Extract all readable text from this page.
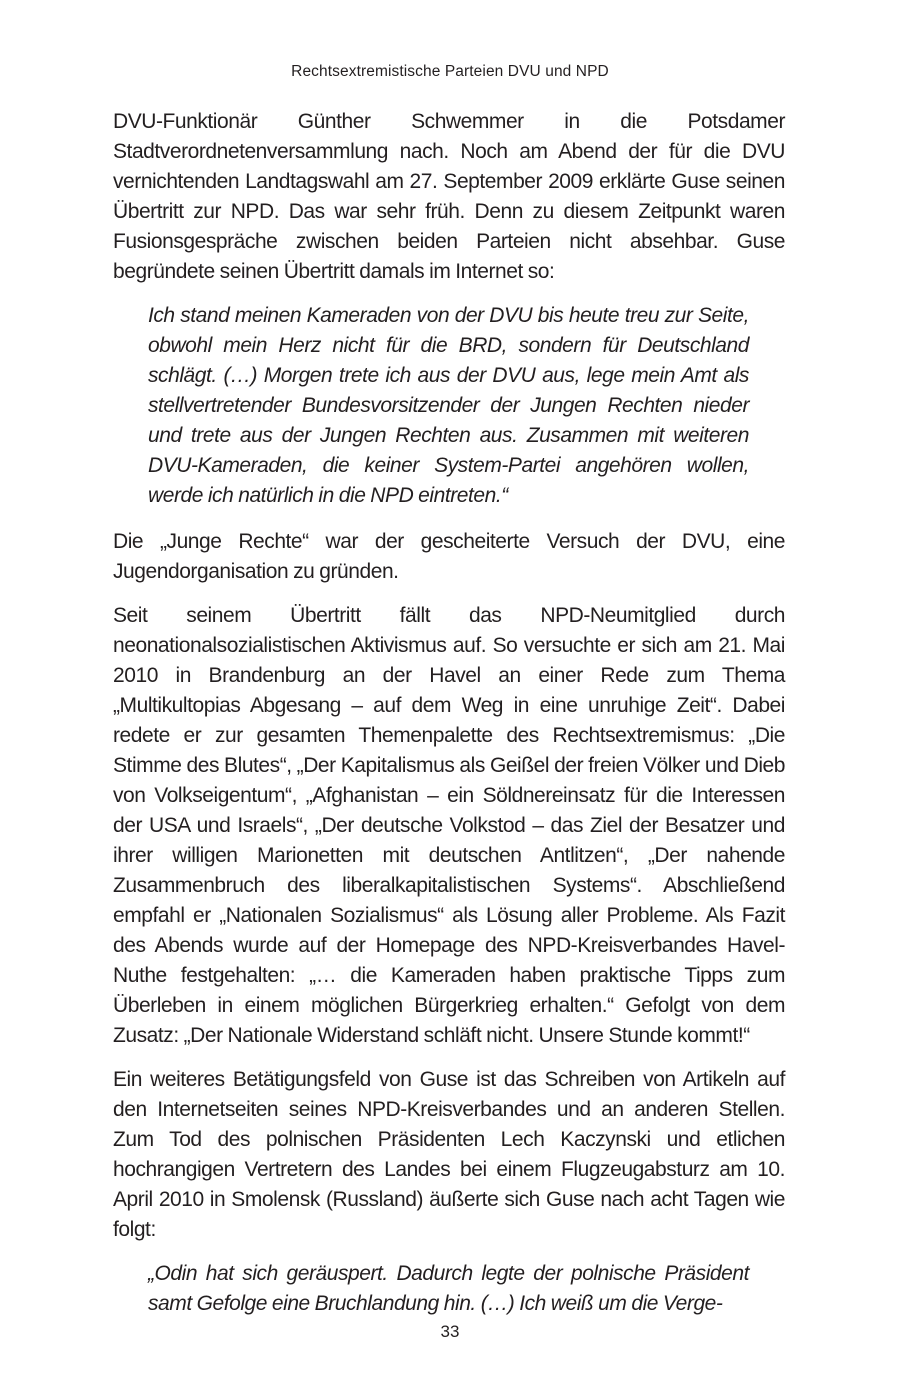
Rechtsextremistische Parteien DVU und NPD

DVU-Funktionär Günther Schwemmer in die Potsdamer Stadtverordnetenversammlung nach. Noch am Abend der für die DVU vernichtenden Landtagswahl am 27. September 2009 erklärte Guse seinen Übertritt zur NPD. Das war sehr früh. Denn zu diesem Zeitpunkt waren Fusionsgespräche zwischen beiden Parteien nicht absehbar. Guse begründete seinen Übertritt damals im Internet so:

Ich stand meinen Kameraden von der DVU bis heute treu zur Seite, obwohl mein Herz nicht für die BRD, sondern für Deutschland schlägt. (…) Morgen trete ich aus der DVU aus, lege mein Amt als stellvertretender Bundesvorsitzender der Jungen Rechten nieder und trete aus der Jungen Rechten aus. Zusammen mit weiteren DVU-Kameraden, die keiner System-Partei angehören wollen, werde ich natürlich in die NPD eintreten.“

Die „Junge Rechte“ war der gescheiterte Versuch der DVU, eine Jugendorganisation zu gründen.

Seit seinem Übertritt fällt das NPD-Neumitglied durch neonationalsozialistischen Aktivismus auf. So versuchte er sich am 21. Mai 2010 in Brandenburg an der Havel an einer Rede zum Thema „Multikultopias Abgesang – auf dem Weg in eine unruhige Zeit“. Dabei redete er zur gesamten Themenpalette des Rechtsextremismus: „Die Stimme des Blutes“, „Der Kapitalismus als Geißel der freien Völker und Dieb von Volkseigentum“, „Afghanistan – ein Söldnereinsatz für die Interessen der USA und Israels“, „Der deutsche Volkstod – das Ziel der Besatzer und ihrer willigen Marionetten mit deutschen Antlitzen“, „Der nahende Zusammenbruch des liberalkapitalistischen Systems“. Abschließend empfahl er „Nationalen Sozialismus“ als Lösung aller Probleme. Als Fazit des Abends wurde auf der Homepage des NPD-Kreisverbandes Havel-Nuthe festgehalten: „… die Kameraden haben praktische Tipps zum Überleben in einem möglichen Bürgerkrieg erhalten.“ Gefolgt von dem Zusatz: „Der Nationale Widerstand schläft nicht. Unsere Stunde kommt!“

Ein weiteres Betätigungsfeld von Guse ist das Schreiben von Artikeln auf den Internetseiten seines NPD-Kreisverbandes und an anderen Stellen. Zum Tod des polnischen Präsidenten Lech Kaczynski und etlichen hochrangigen Vertretern des Landes bei einem Flugzeugabsturz am 10. April 2010 in Smolensk (Russland) äußerte sich Guse nach acht Tagen wie folgt:

„Odin hat sich geräuspert. Dadurch legte der polnische Präsident samt Gefolge eine Bruchlandung hin. (…) Ich weiß um die Verge-
33
